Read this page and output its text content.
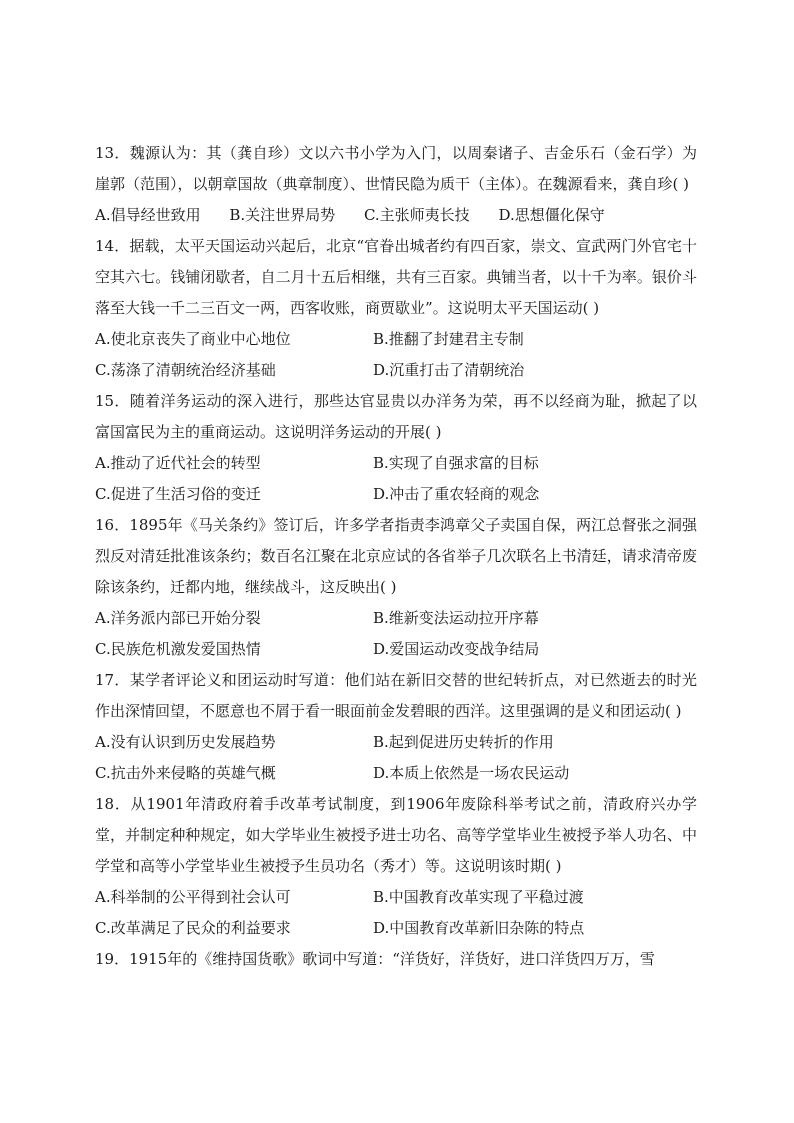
13．魏源认为：其（龚自珍）文以六书小学为入门，以周秦诸子、吉金乐石（金石学）为崖郭（范围），以朝章国故（典章制度）、世情民隐为质干（主体）。在魏源看来，龚自珍( )

A.倡导经世致用 B.关注世界局势 C.主张师夷长技 D.思想僵化保守

14．据载，太平天国运动兴起后，北京“官眷出城者约有四百家，崇文、宣武两门外官宅十空其六七。钱铺闭歇者，自二月十五后相继，共有三百家。典铺当者，以十千为率。银价斗落至大钱一千二三百文一两，西客收账，商贾歇业”。这说明太平天国运动( )

A.使北京丧失了商业中心地位	B.推翻了封建君主专制
C.荡涤了清朝统治经济基础	D.沉重打击了清朝统治

15．随着洋务运动的深入进行，那些达官显贵以办洋务为荣，再不以经商为耻，掀起了以富国富民为主的重商运动。这说明洋务运动的开展( )

A.推动了近代社会的转型	B.实现了自强求富的目标
C.促进了生活习俗的变迁	D.冲击了重农轻商的观念

16．1895年《马关条约》签订后，许多学者指责李鸿章父子卖国自保，两江总督张之洞强烈反对清廷批准该条约；数百名江聚在北京应试的各省举子几次联名上书清廷，请求清帝废除该条约，迁都内地，继续战斗，这反映出( )

A.洋务派内部已开始分裂	B.维新变法运动拉开序幕
C.民族危机激发爱国热情	D.爱国运动改变战争结局

17．某学者评论义和团运动时写道：他们站在新旧交替的世纪转折点，对已然逝去的时光作出深情回望，不愿意也不屑于看一眼面前金发碧眼的西洋。这里强调的是义和团运动( )

A.没有认识到历史发展趋势	B.起到促进历史转折的作用
C.抗击外来侵略的英雄气概	D.本质上依然是一场农民运动

18．从1901年清政府着手改革考试制度，到1906年废除科举考试之前，清政府兴办学堂，并制定种种规定，如大学毕业生被授予进士功名、高等学堂毕业生被授予举人功名、中学堂和高等小学堂毕业生被授予生员功名（秀才）等。这说明该时期( )

A.科举制的公平得到社会认可	B.中国教育改革实现了平稳过渡
C.改革满足了民众的利益要求	D.中国教育改革新旧杂陈的特点

19．1915年的《维持国货歌》歌词中写道：“洋货好，洋货好，进口洋货四万万，雪
